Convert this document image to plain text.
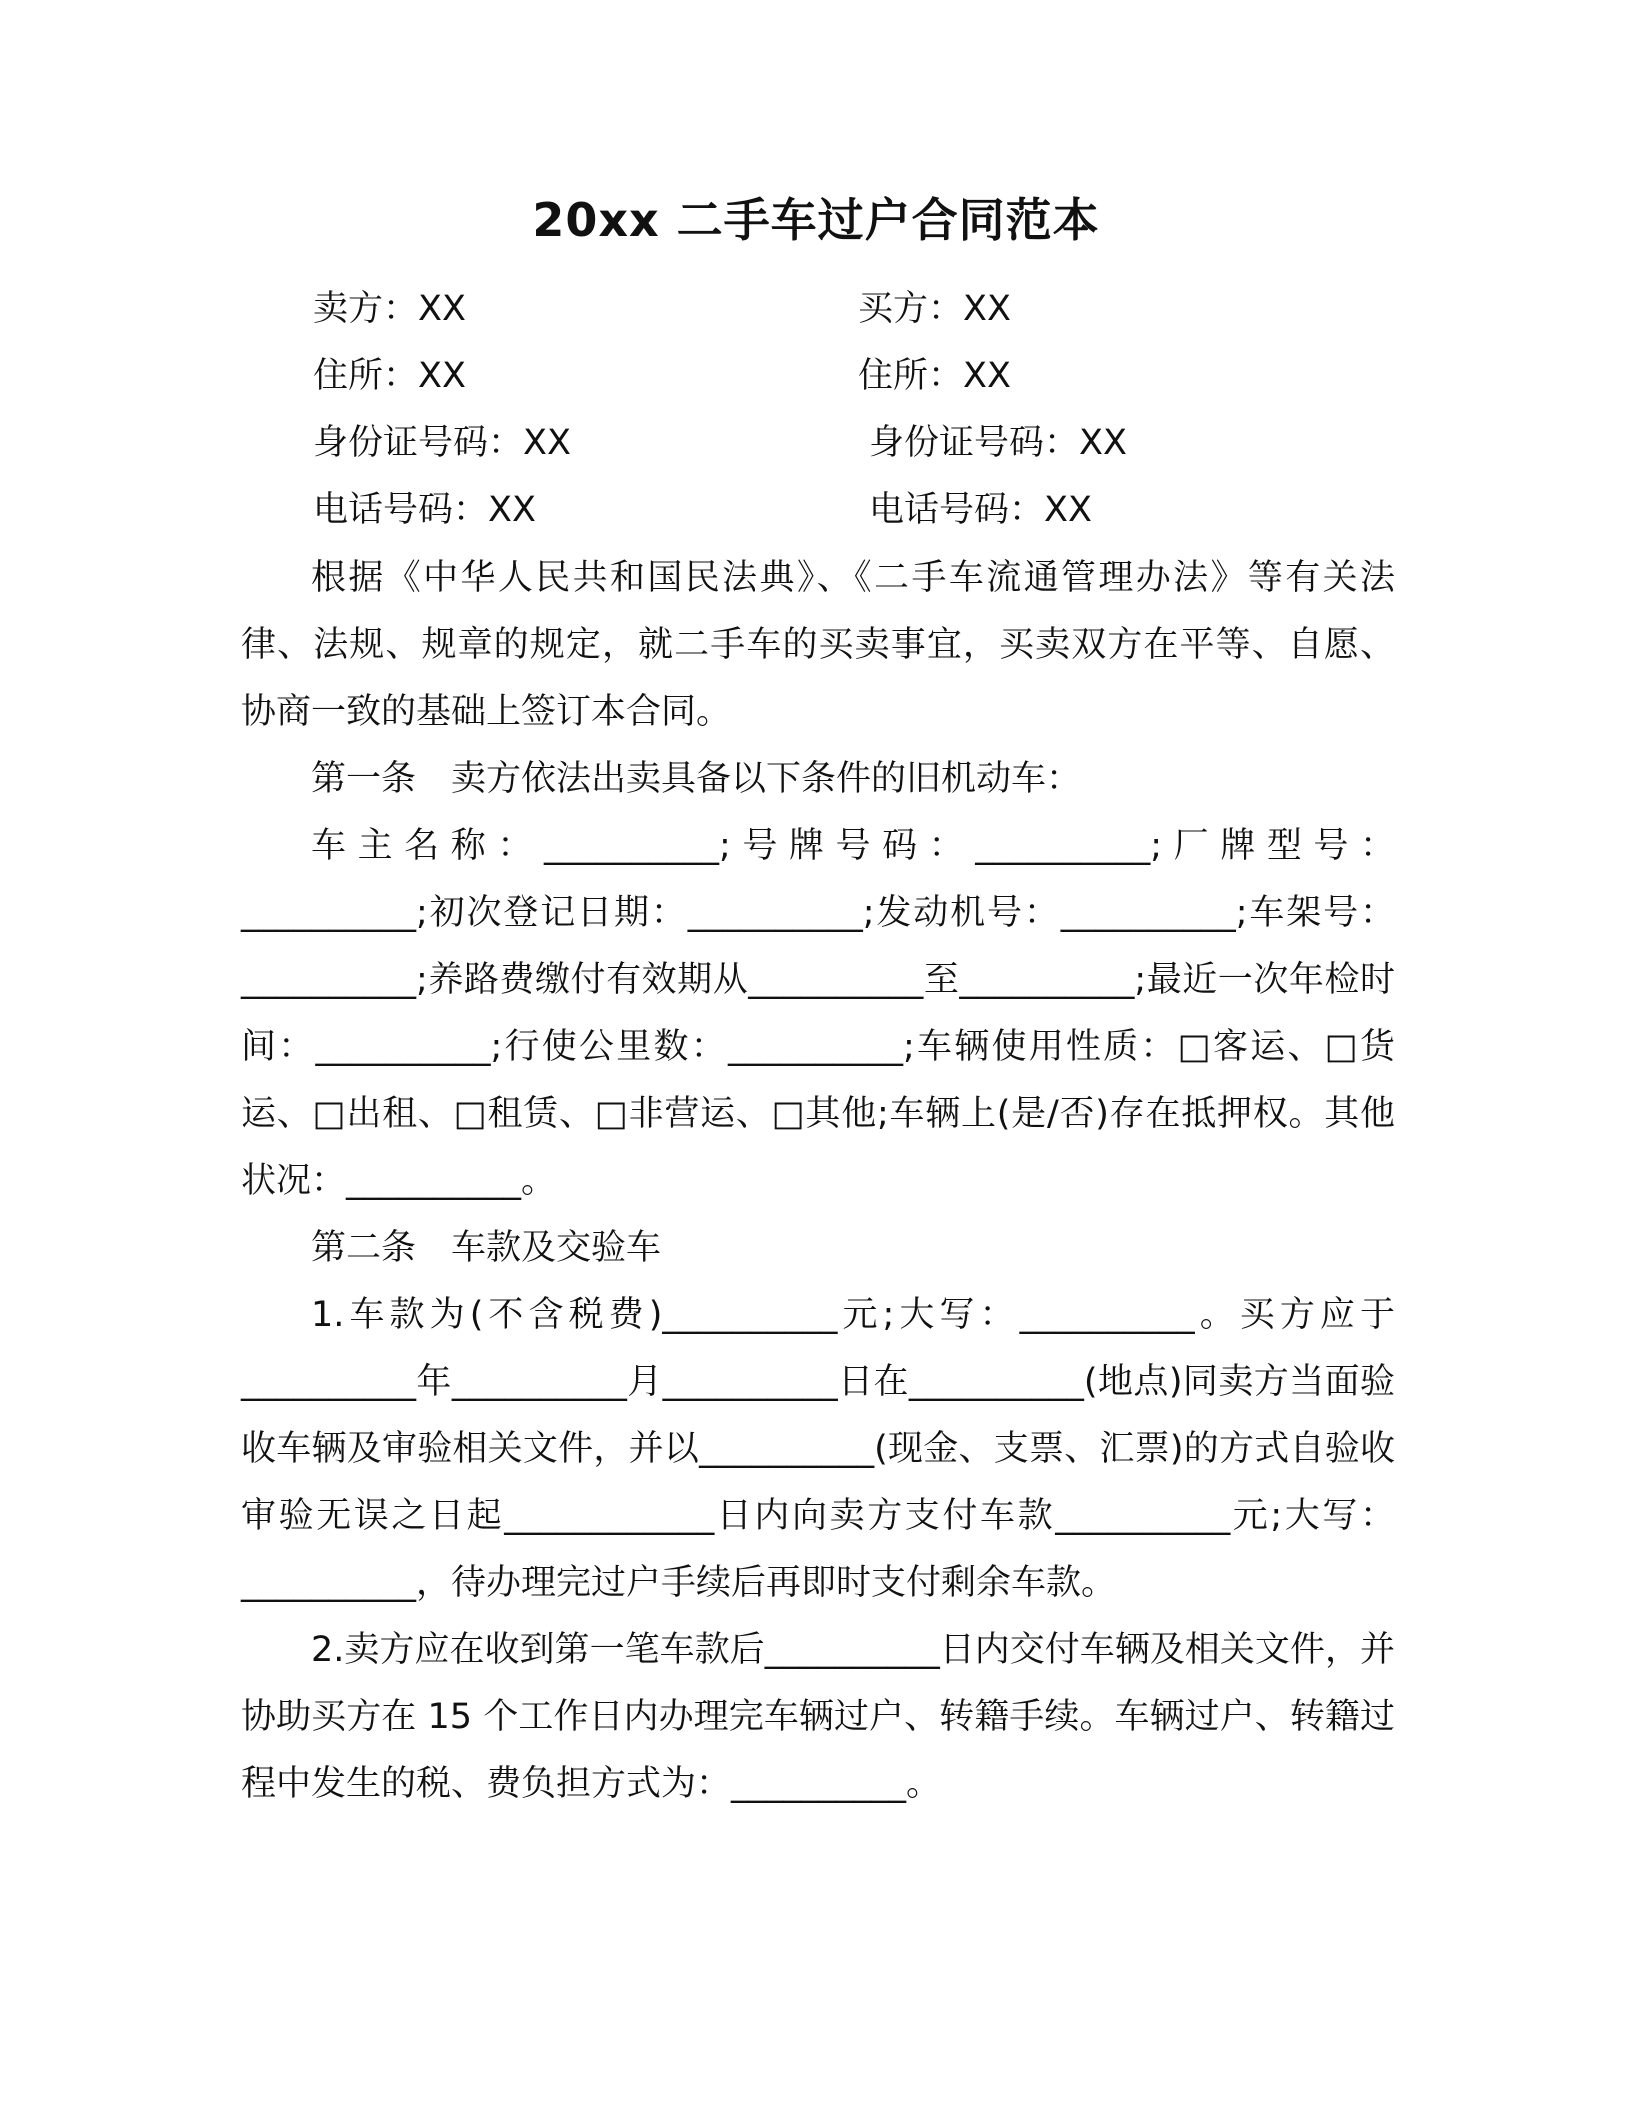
20xx 二手车过户合同范本
卖方：XX	买方：XX
住所：XX	住所：XX
身份证号码：XX	身份证号码：XX
电话号码：XX	电话号码：XX

根据《中华人民共和国民法典》、《二手车流通管理办法》等有关法律、法规、规章的规定，就二手车的买卖事宜，买卖双方在平等、自愿、协商一致的基础上签订本合同。

第一条　卖方依法出卖具备以下条件的旧机动车：

车主名称：__________;号牌号码：__________;厂牌型号：__________;初次登记日期：__________;发动机号：__________;车架号：__________;养路费缴付有效期从__________至__________;最近一次年检时间：__________;行使公里数：__________;车辆使用性质：□客运、□货运、□出租、□租赁、□非营运、□其他;车辆上(是/否)存在抵押权。其他状况：__________。

第二条　车款及交验车

1.车款为(不含税费)__________元;大写：__________。买方应于__________年__________月__________日在__________(地点)同卖方当面验收车辆及审验相关文件，并以__________(现金、支票、汇票)的方式自验收审验无误之日起____________日内向卖方支付车款__________元;大写：__________，待办理完过户手续后再即时支付剩余车款。

2.卖方应在收到第一笔车款后__________日内交付车辆及相关文件，并协助买方在 15 个工作日内办理完车辆过户、转籍手续。车辆过户、转籍过程中发生的税、费负担方式为：__________。
